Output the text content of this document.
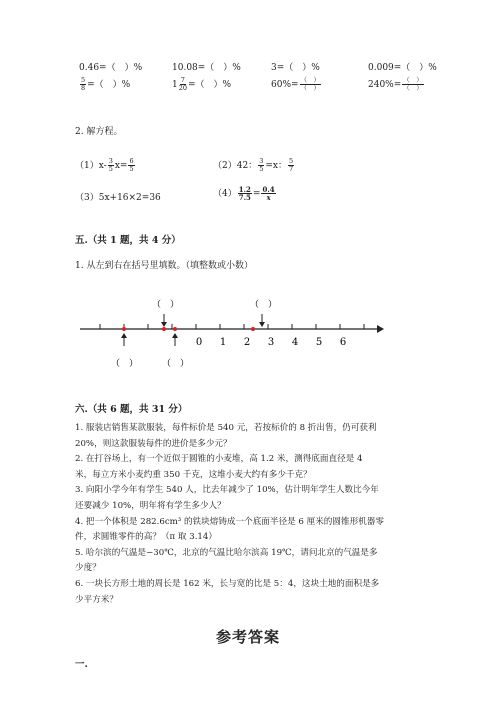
0.46=（　）%	10.08=（　）%	3=（　）%	0.009=（　）%
$\frac{5}{8}$ =（　）%	$1 \frac{7}{20}$ =（　）%	$60\%= \frac{( )}{( )}$	$240\%= \frac{( )}{( )}$
2. 解方程。
$(1)x- \frac{3}{5} x= \frac{6}{5}$	（2）42： $\frac{3}{5} =x$： $\frac{5}{7}$
（3）5x+16×2=36	$(4) \frac{1.2}{7.5} = \frac{0.4}{x}$
五.（共 1 题，共 4 分）
1. 从左到右在括号里填数。（填整数或小数）
0 1 2 3 4 5 6
（　）	（　）
（　）	（　）
六.（共 6 题，共 31 分）
1. 服装店销售某款服装，每件标价是 540 元，若按标价的 8 折出售，仍可获利
20%，则这款服装每件的进价是多少元？
2. 在打谷场上，有一个近似于圆锥的小麦堆，高 1.2 米，测得底面直径是 4
米，每立方米小麦约重 350 千克，这堆小麦大约有多少千克？
3. 向阳小学今年有学生 540 人，比去年减少了 10%，估计明年学生人数比今年
还要减少 10%，明年将有学生多少人？
4. 把一个体积是 282.6cm³ 的铁块熔铸成一个底面半径是 6 厘米的圆锥形机器零
件，求圆锥零件的高？（π 取 3.14）
5. 哈尔滨的气温是−30℃，北京的气温比哈尔滨高 19℃，请问北京的气温是多
少度？
6. 一块长方形土地的周长是 162 米，长与宽的比是 5：4，这块土地的面积是多
少平方米？
参考答案
一.
